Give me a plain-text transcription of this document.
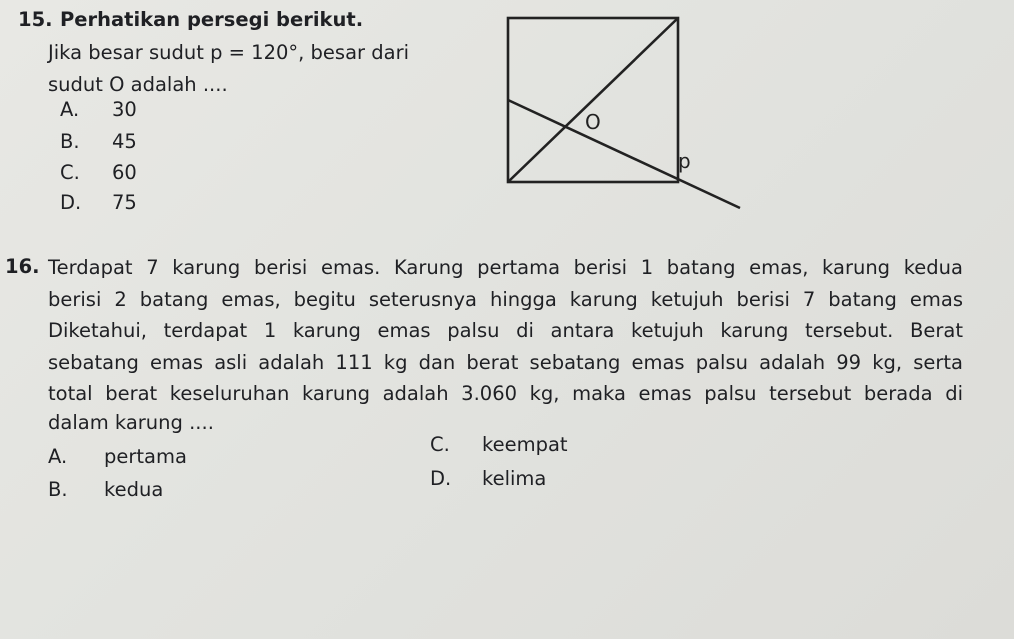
15. Perhatikan persegi berikut.
Jika besar sudut p = 120°, besar dari
sudut O adalah ....
A. 30
B. 45
C. 60
D. 75
O
p
16. Terdapat 7 karung berisi emas. Karung pertama berisi 1 batang emas, karung kedua
berisi 2 batang emas, begitu seterusnya hingga karung ketujuh berisi 7 batang emas
Diketahui, terdapat 1 karung emas palsu di antara ketujuh karung tersebut. Berat
sebatang emas asli adalah 111 kg dan berat sebatang emas palsu adalah 99 kg, serta
total berat keseluruhan karung adalah 3.060 kg, maka emas palsu tersebut berada di
dalam karung ....
A. pertama
B. kedua
C. keempat
D. kelima
